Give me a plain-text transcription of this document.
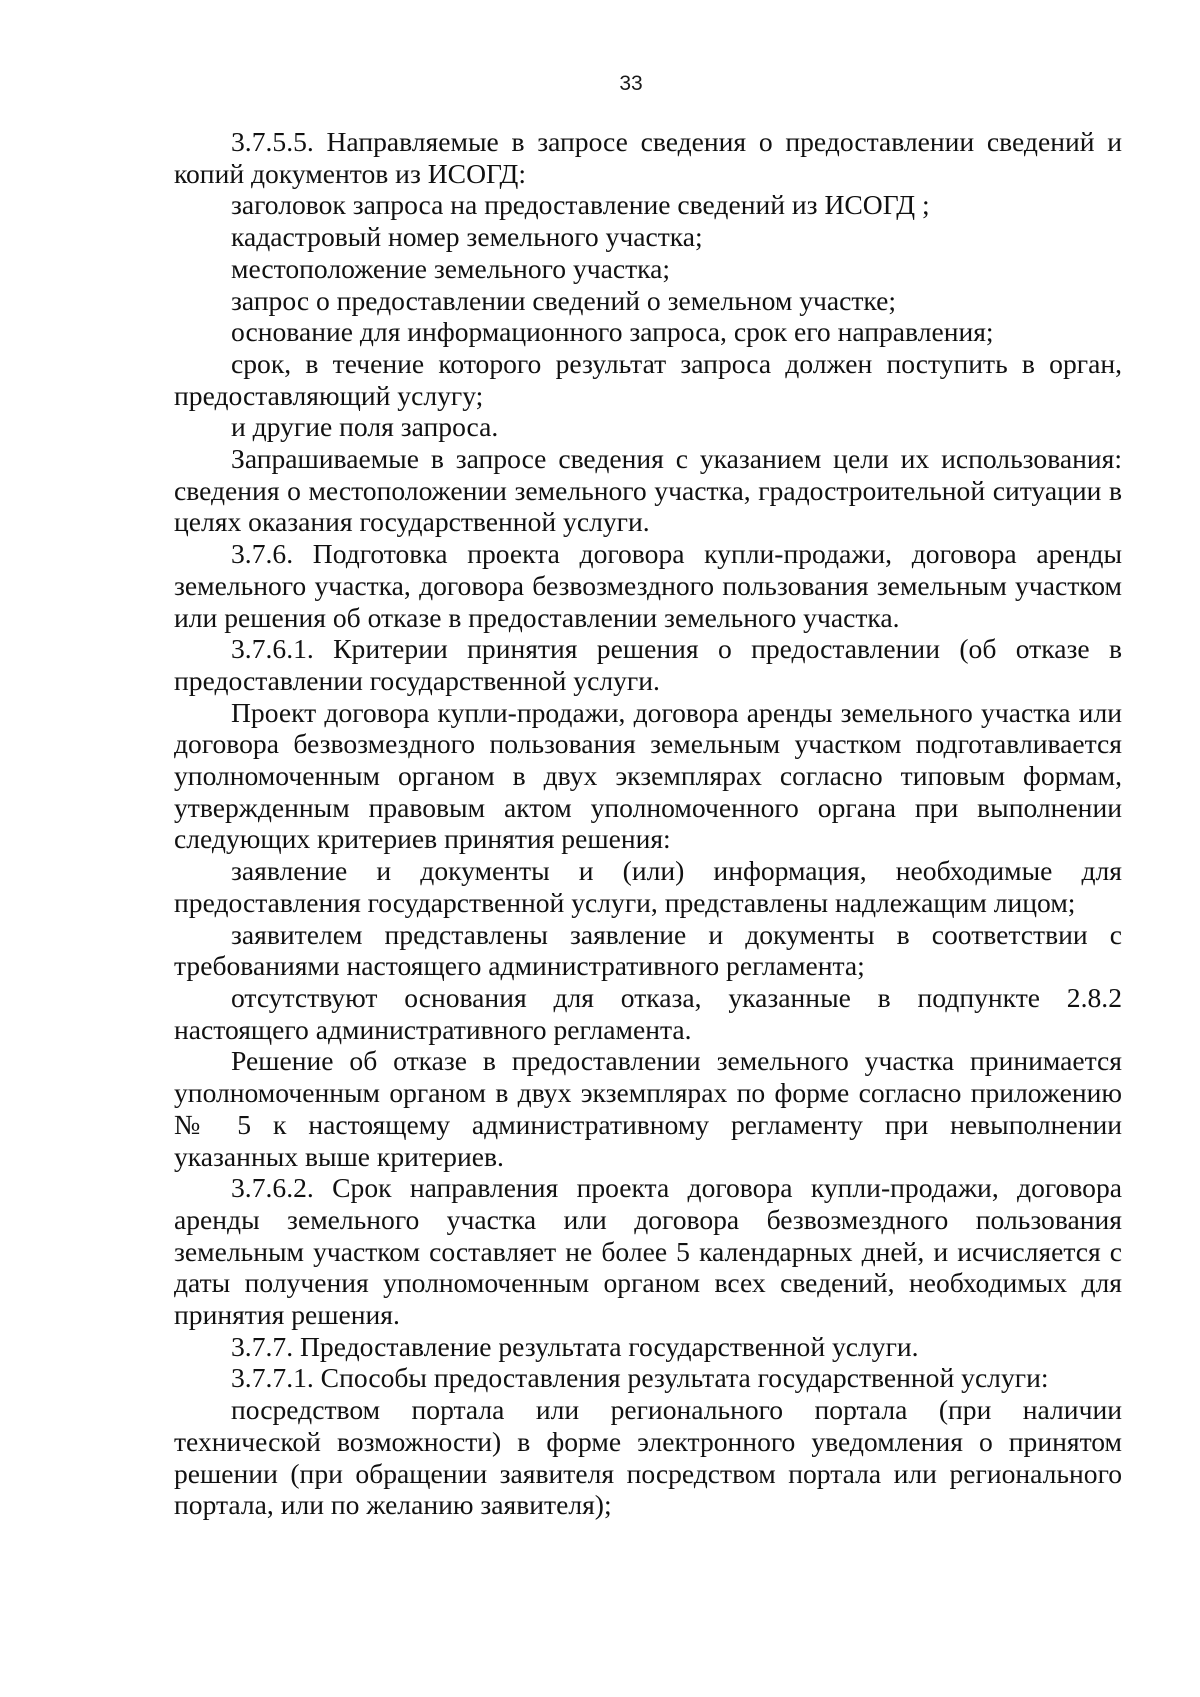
33

3.7.5.5. Направляемые в запросе сведения о предоставлении сведений и копий документов из ИСОГД:

заголовок запроса на предоставление сведений из ИСОГД ;

кадастровый номер земельного участка;

местоположение земельного участка;

запрос о предоставлении сведений о земельном участке;

основание для информационного запроса, срок его направления;

срок, в течение которого результат запроса должен поступить в орган, предоставляющий услугу;

и другие поля запроса.

Запрашиваемые в запросе сведения с указанием цели их использования: сведения о местоположении земельного участка, градостроительной ситуации в целях оказания государственной услуги.

3.7.6. Подготовка проекта договора купли-продажи, договора аренды земельного участка, договора безвозмездного пользования земельным участком или решения об отказе в предоставлении земельного участка.

3.7.6.1. Критерии принятия решения о предоставлении (об отказе в предоставлении государственной услуги.

Проект договора купли-продажи, договора аренды земельного участка или договора безвозмездного пользования земельным участком подготавливается уполномоченным органом в двух экземплярах согласно типовым формам, утвержденным правовым актом уполномоченного органа при выполнении следующих критериев принятия решения:

заявление и документы и (или) информация, необходимые для предоставления государственной услуги, представлены надлежащим лицом;

заявителем представлены заявление и документы в соответствии с требованиями настоящего административного регламента;

отсутствуют основания для отказа, указанные в подпункте 2.8.2 настоящего административного регламента.

Решение об отказе в предоставлении земельного участка принимается уполномоченным органом в двух экземплярах по форме согласно приложению № 5 к настоящему административному регламенту при невыполнении указанных выше критериев.

3.7.6.2. Срок направления проекта договора купли-продажи, договора аренды земельного участка или договора безвозмездного пользования земельным участком составляет не более 5 календарных дней, и исчисляется с даты получения уполномоченным органом всех сведений, необходимых для принятия решения.

3.7.7. Предоставление результата государственной услуги.

3.7.7.1. Способы предоставления результата государственной услуги:

посредством портала или регионального портала (при наличии технической возможности) в форме электронного уведомления о принятом решении (при обращении заявителя посредством портала или регионального портала, или по желанию заявителя);
